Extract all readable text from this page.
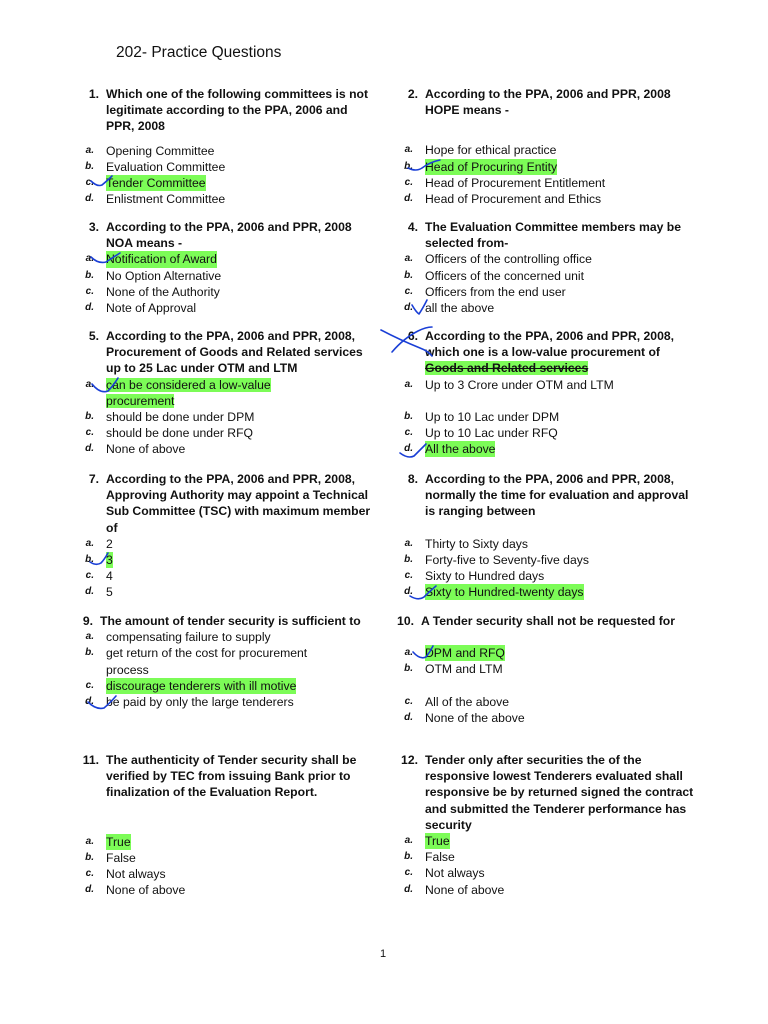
202- Practice Questions
1. Which one of the following committees is not legitimate according to the PPA, 2006 and PPR, 2008
a. Opening Committee
b. Evaluation Committee
c. Tender Committee
d. Enlistment Committee
3. According to the PPA, 2006 and PPR, 2008 NOA means -
a. Notification of Award
b. No Option Alternative
c. None of the Authority
d. Note of Approval
5. According to the PPA, 2006 and PPR, 2008, Procurement of Goods and Related services up to 25 Lac under OTM and LTM
a. can be considered a low-value procurement
b. should be done under DPM
c. should be done under RFQ
d. None of above
7. According to the PPA, 2006 and PPR, 2008, Approving Authority may appoint a Technical Sub Committee (TSC) with maximum member of
a. 2
b. 3
c. 4
d. 5
9. The amount of tender security is sufficient to
a. compensating failure to supply
b. get return of the cost for procurement process
c. discourage tenderers with ill motive
d. be paid by only the large tenderers
11. The authenticity of Tender security shall be verified by TEC from issuing Bank prior to finalization of the Evaluation Report.
a. True
b. False
c. Not always
d. None of above
2. According to the PPA, 2006 and PPR, 2008 HOPE means -
a. Hope for ethical practice
b. Head of Procuring Entity
c. Head of Procurement Entitlement
d. Head of Procurement and Ethics
4. The Evaluation Committee members may be selected from-
a. Officers of the controlling office
b. Officers of the concerned unit
c. Officers from the end user
d. all the above
6. According to the PPA, 2006 and PPR, 2008, which one is a low-value procurement of Goods and Related services
a. Up to 3 Crore under OTM and LTM
b. Up to 10 Lac under DPM
c. Up to 10 Lac under RFQ
d. All the above
8. According to the PPA, 2006 and PPR, 2008, normally the time for evaluation and approval is ranging between
a. Thirty to Sixty days
b. Forty-five to Seventy-five days
c. Sixty to Hundred days
d. Sixty to Hundred-twenty days
10. A Tender security shall not be requested for
a. DPM and RFQ
b. OTM and LTM
c. All of the above
d. None of the above
12. Tender only after securities the of the responsive lowest Tenderers evaluated shall responsive be by returned signed the contract and submitted the Tenderer performance has security
a. True
b. False
c. Not always
d. None of above
1
